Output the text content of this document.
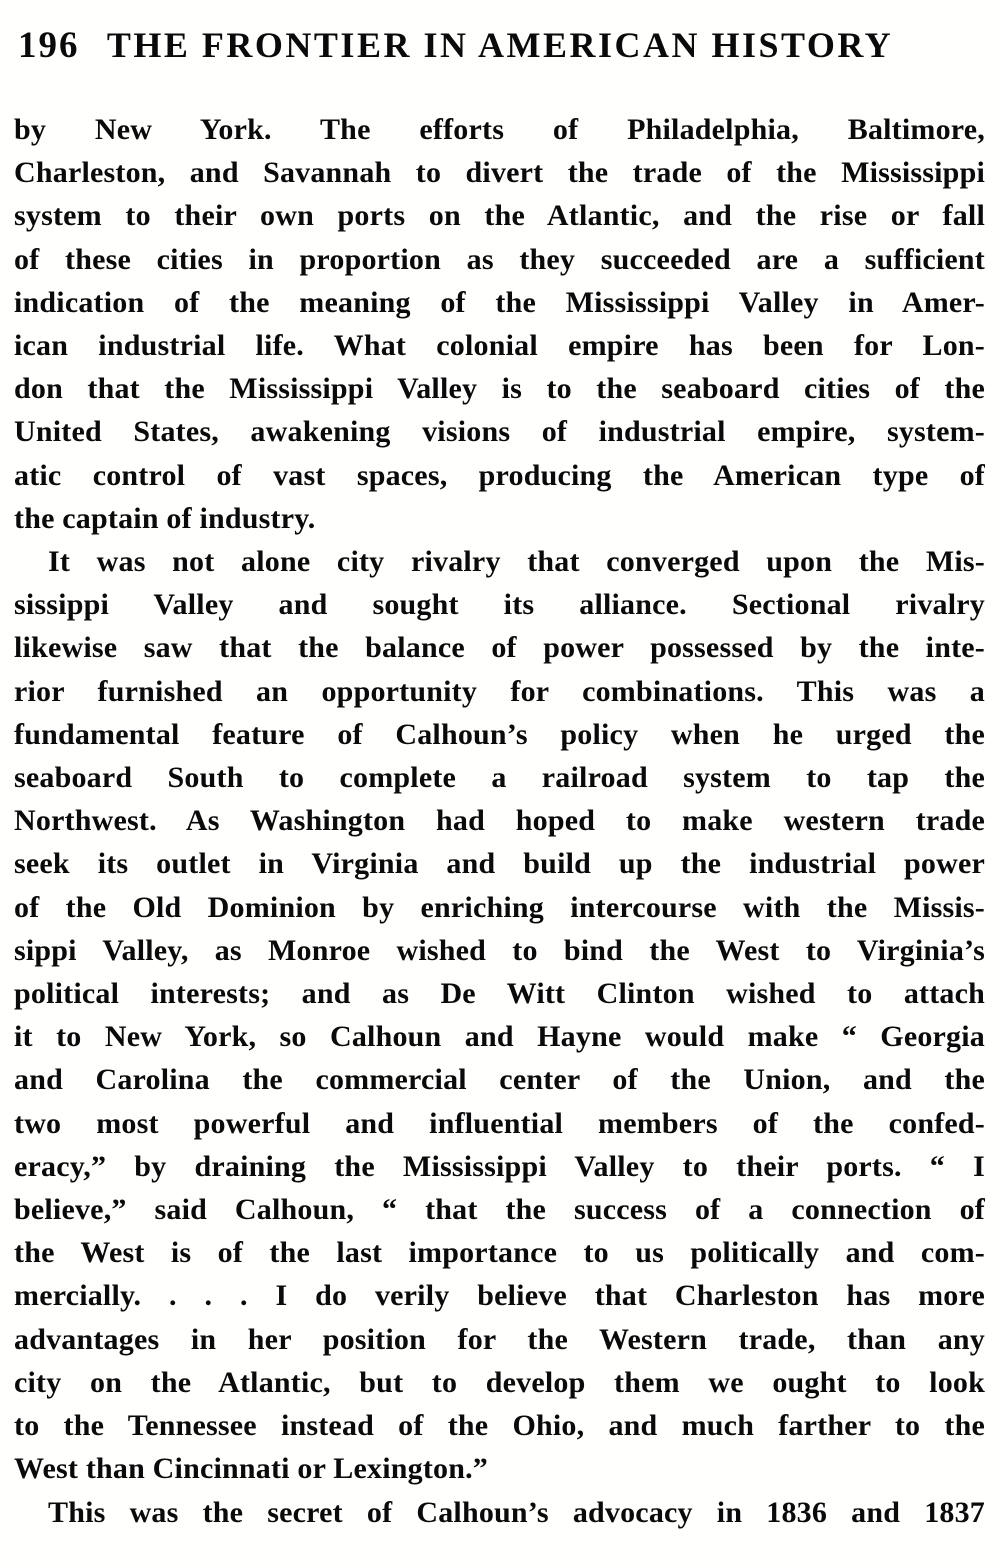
196 THE FRONTIER IN AMERICAN HISTORY
by New York. The efforts of Philadelphia, Baltimore,
Charleston, and Savannah to divert the trade of the Mississippi
system to their own ports on the Atlantic, and the rise or fall
of these cities in proportion as they succeeded are a sufficient
indication of the meaning of the Mississippi Valley in Amer-
ican industrial life. What colonial empire has been for Lon-
don that the Mississippi Valley is to the seaboard cities of the
United States, awakening visions of industrial empire, system-
atic control of vast spaces, producing the American type of
the captain of industry.
It was not alone city rivalry that converged upon the Mis-
sissippi Valley and sought its alliance. Sectional rivalry
likewise saw that the balance of power possessed by the inte-
rior furnished an opportunity for combinations. This was a
fundamental feature of Calhoun’s policy when he urged the
seaboard South to complete a railroad system to tap the
Northwest. As Washington had hoped to make western trade
seek its outlet in Virginia and build up the industrial power
of the Old Dominion by enriching intercourse with the Missis-
sippi Valley, as Monroe wished to bind the West to Virginia’s
political interests; and as De Witt Clinton wished to attach
it to New York, so Calhoun and Hayne would make “ Georgia
and Carolina the commercial center of the Union, and the
two most powerful and influential members of the confed-
eracy,” by draining the Mississippi Valley to their ports. “ I
believe,” said Calhoun, “ that the success of a connection of
the West is of the last importance to us politically and com-
mercially. . . . I do verily believe that Charleston has more
advantages in her position for the Western trade, than any
city on the Atlantic, but to develop them we ought to look
to the Tennessee instead of the Ohio, and much farther to the
West than Cincinnati or Lexington.”
This was the secret of Calhoun’s advocacy in 1836 and 1837
